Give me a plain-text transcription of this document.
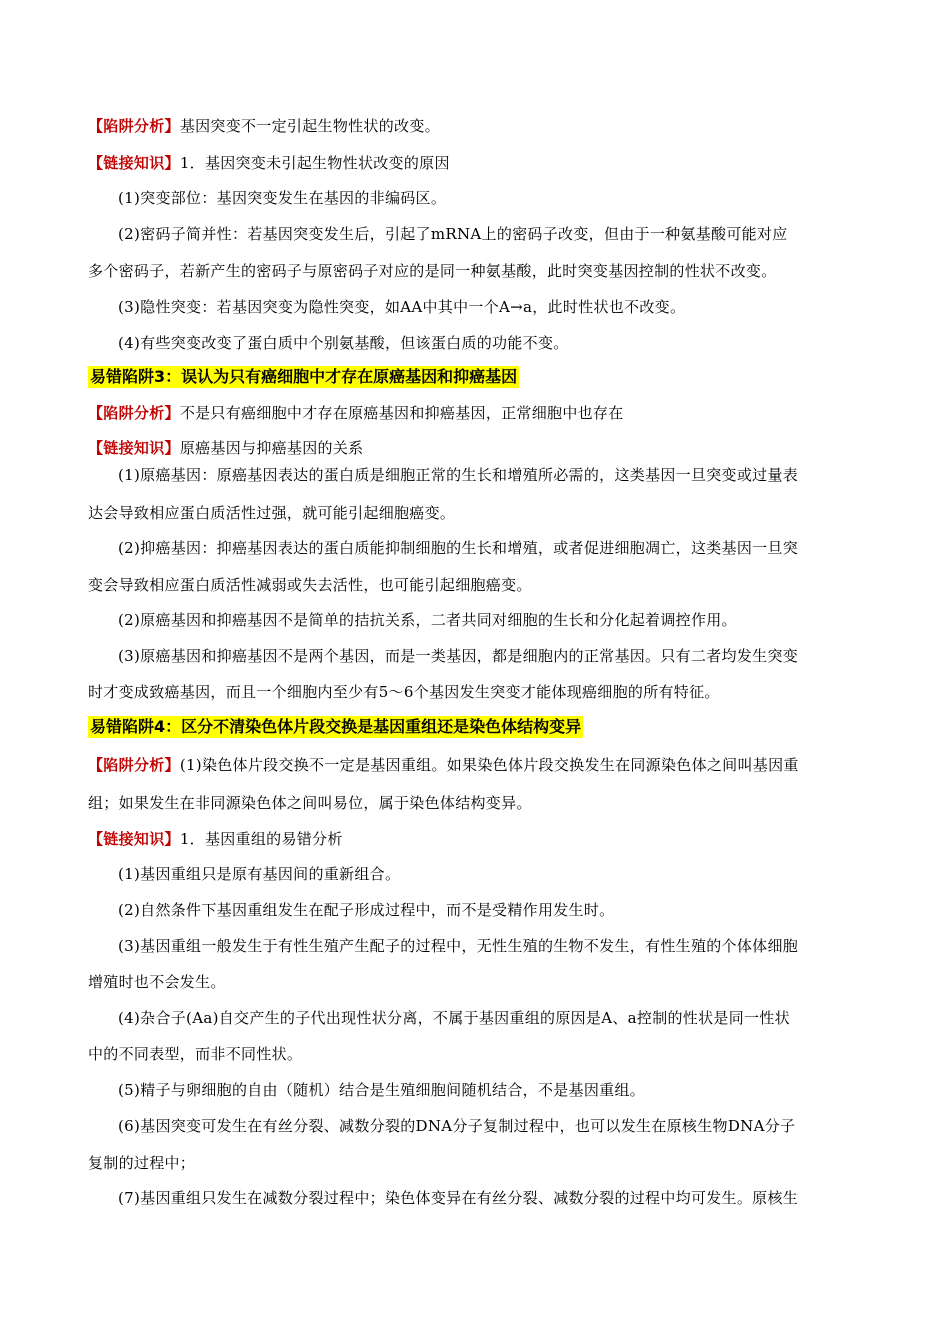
【陷阱分析】基因突变不一定引起生物性状的改变。
【链接知识】1．基因突变未引起生物性状改变的原因
(1)突变部位：基因突变发生在基因的非编码区。
(2)密码子简并性：若基因突变发生后，引起了mRNA上的密码子改变，但由于一种氨基酸可能对应
多个密码子，若新产生的密码子与原密码子对应的是同一种氨基酸，此时突变基因控制的性状不改变。
(3)隐性突变：若基因突变为隐性突变，如AA中其中一个A→a，此时性状也不改变。
(4)有些突变改变了蛋白质中个别氨基酸，但该蛋白质的功能不变。
易错陷阱3：误认为只有癌细胞中才存在原癌基因和抑癌基因
【陷阱分析】不是只有癌细胞中才存在原癌基因和抑癌基因，正常细胞中也存在
【链接知识】原癌基因与抑癌基因的关系
(1)原癌基因：原癌基因表达的蛋白质是细胞正常的生长和增殖所必需的，这类基因一旦突变或过量表
达会导致相应蛋白质活性过强，就可能引起细胞癌变。
(2)抑癌基因：抑癌基因表达的蛋白质能抑制细胞的生长和增殖，或者促进细胞凋亡，这类基因一旦突
变会导致相应蛋白质活性减弱或失去活性，也可能引起细胞癌变。
(2)原癌基因和抑癌基因不是简单的拮抗关系，二者共同对细胞的生长和分化起着调控作用。
(3)原癌基因和抑癌基因不是两个基因，而是一类基因，都是细胞内的正常基因。只有二者均发生突变
时才变成致癌基因，而且一个细胞内至少有5～6个基因发生突变才能体现癌细胞的所有特征。
易错陷阱4：区分不清染色体片段交换是基因重组还是染色体结构变异
【陷阱分析】(1)染色体片段交换不一定是基因重组。如果染色体片段交换发生在同源染色体之间叫基因重
组；如果发生在非同源染色体之间叫易位，属于染色体结构变异。
【链接知识】1．基因重组的易错分析
(1)基因重组只是原有基因间的重新组合。
(2)自然条件下基因重组发生在配子形成过程中，而不是受精作用发生时。
(3)基因重组一般发生于有性生殖产生配子的过程中，无性生殖的生物不发生，有性生殖的个体体细胞
增殖时也不会发生。
(4)杂合子(Aa)自交产生的子代出现性状分离，不属于基因重组的原因是A、a控制的性状是同一性状
中的不同表型，而非不同性状。
(5)精子与卵细胞的自由（随机）结合是生殖细胞间随机结合，不是基因重组。
(6)基因突变可发生在有丝分裂、减数分裂的DNA分子复制过程中，也可以发生在原核生物DNA分子
复制的过程中；
(7)基因重组只发生在减数分裂过程中；染色体变异在有丝分裂、减数分裂的过程中均可发生。原核生
